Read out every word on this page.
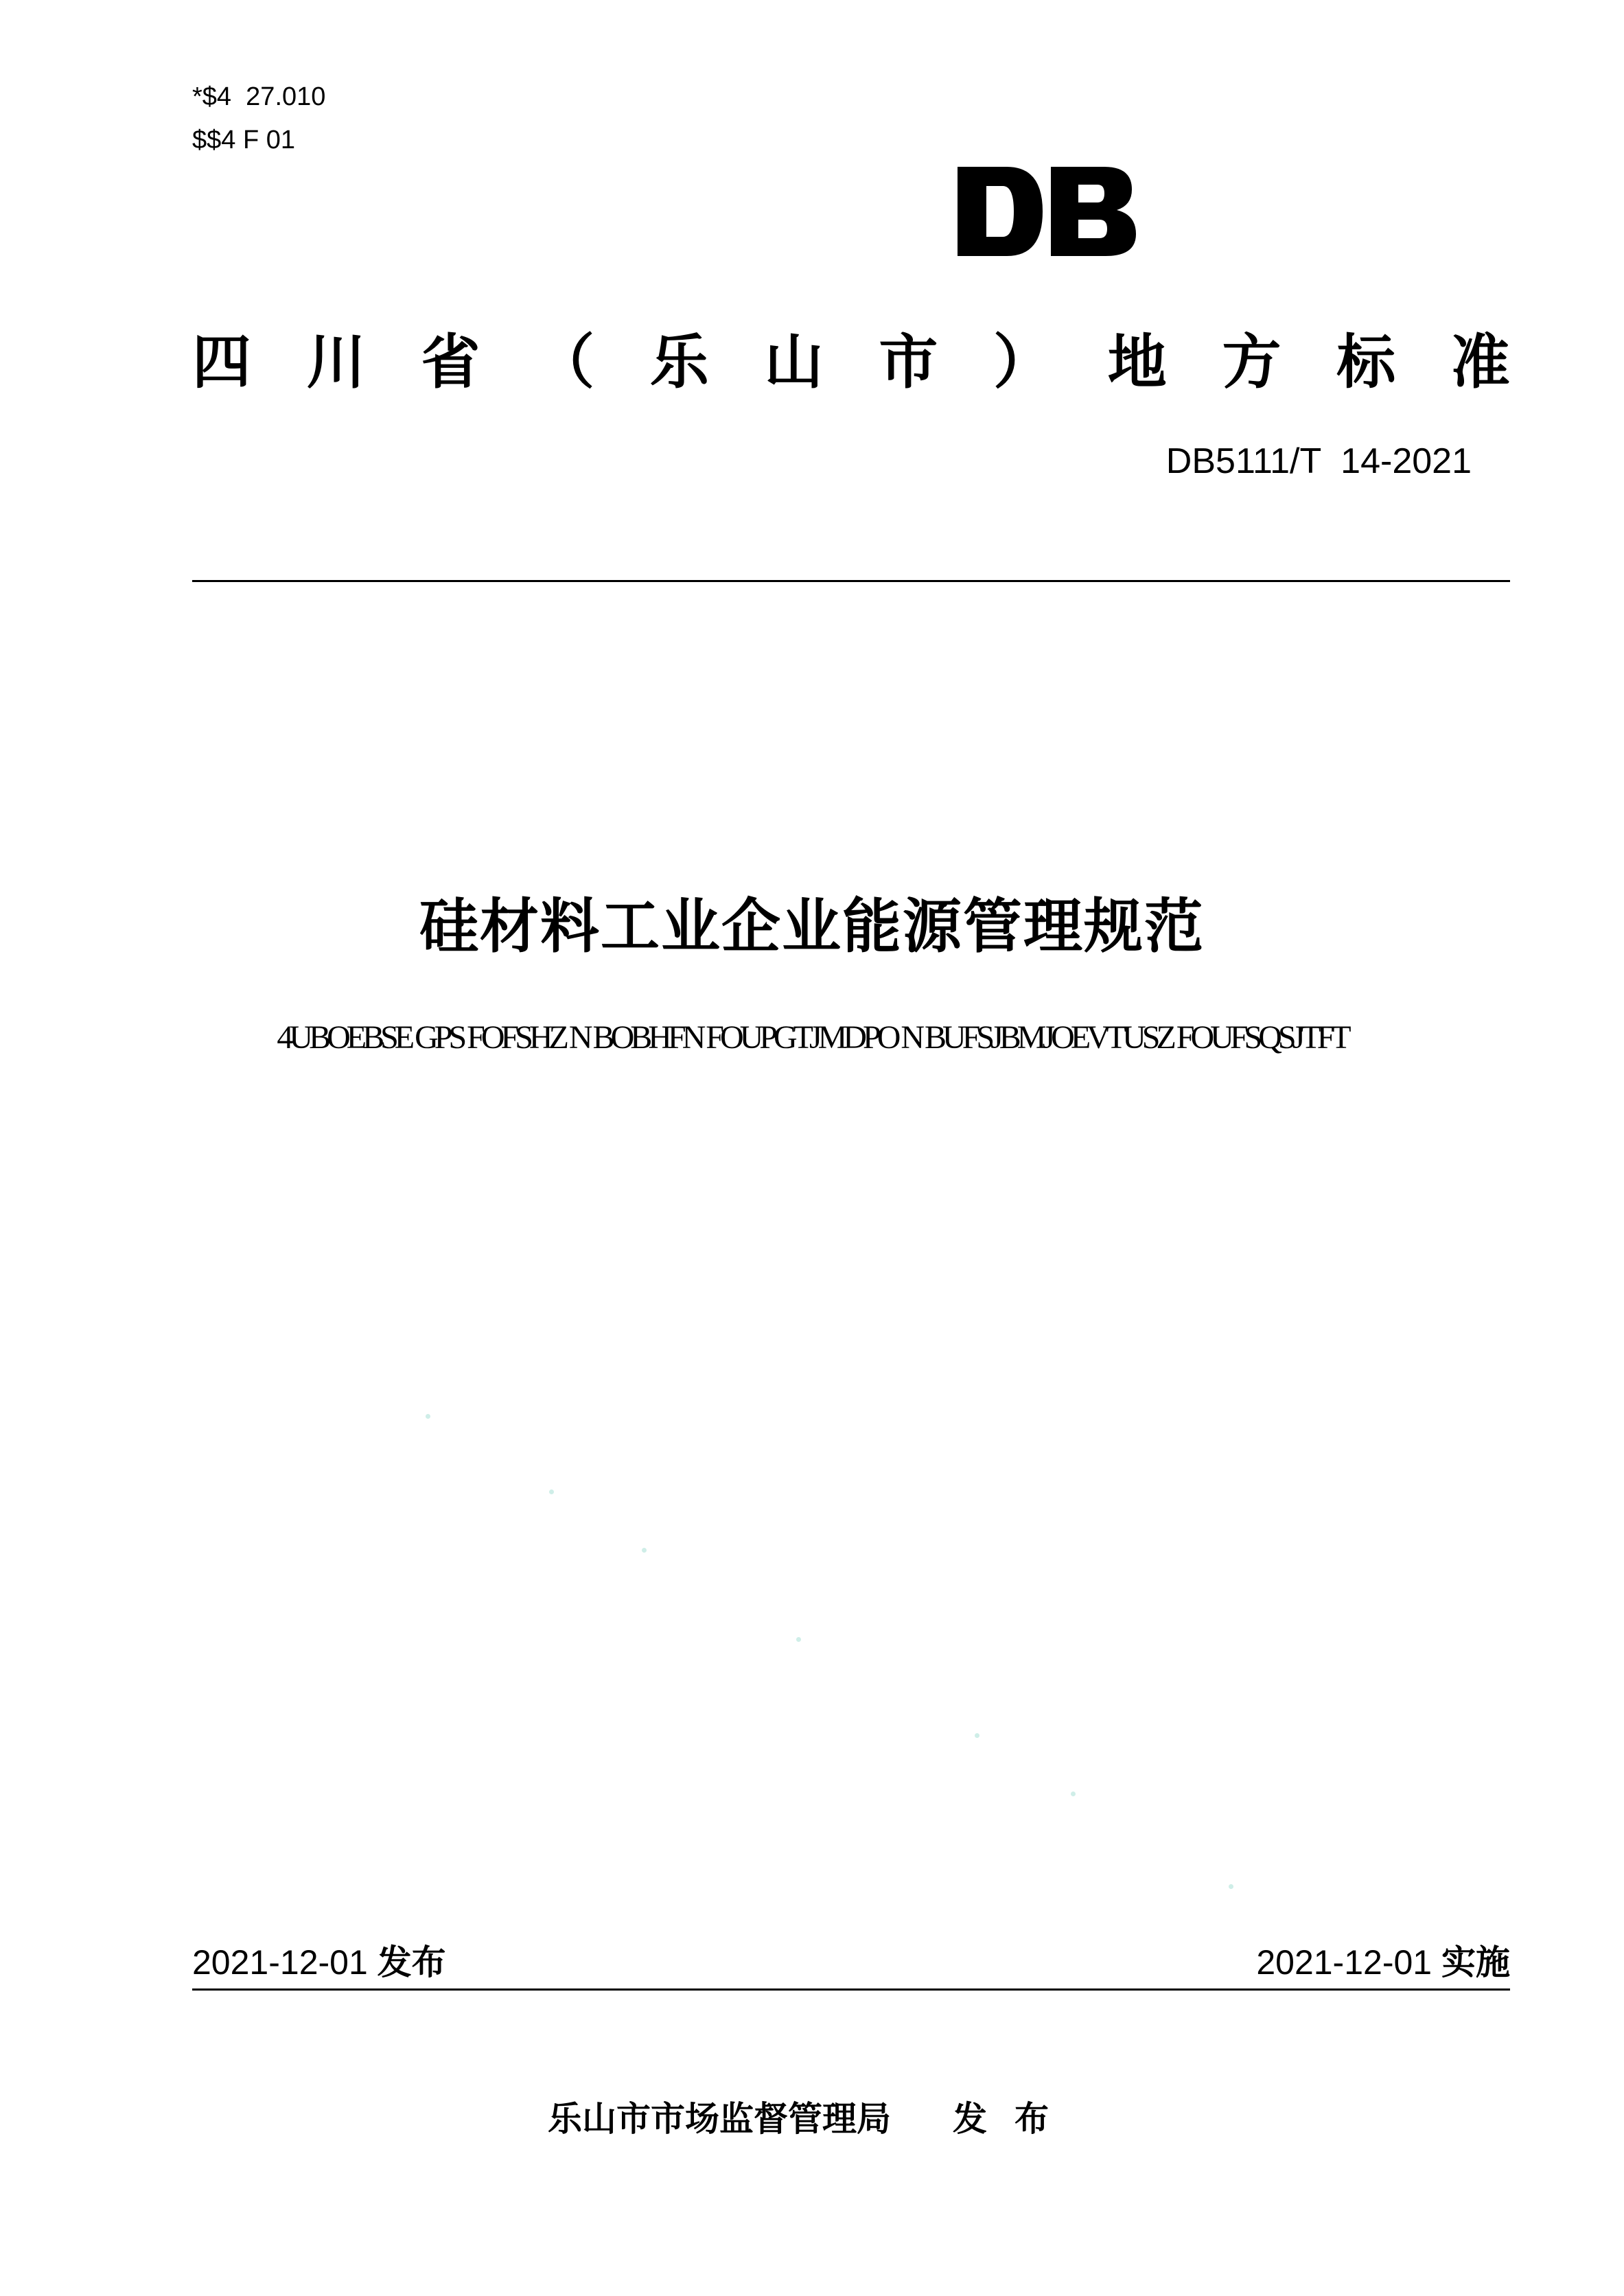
*$4  27.010
$$4 F 01
四 川 省 （ 乐 山 市 ） 地 方 标 准
DB5111/T  14-2021
硅材料工业企业能源管理规范
4UBOEBSE GPS FOFSHZ N BOBHFN FOUPGTJMDPO N BUFSJBMJOEVTUSZ FOUFSQSJTFT
2021-12-01 发布	2021-12-01 实施
乐山市市场监督管理局 发布
